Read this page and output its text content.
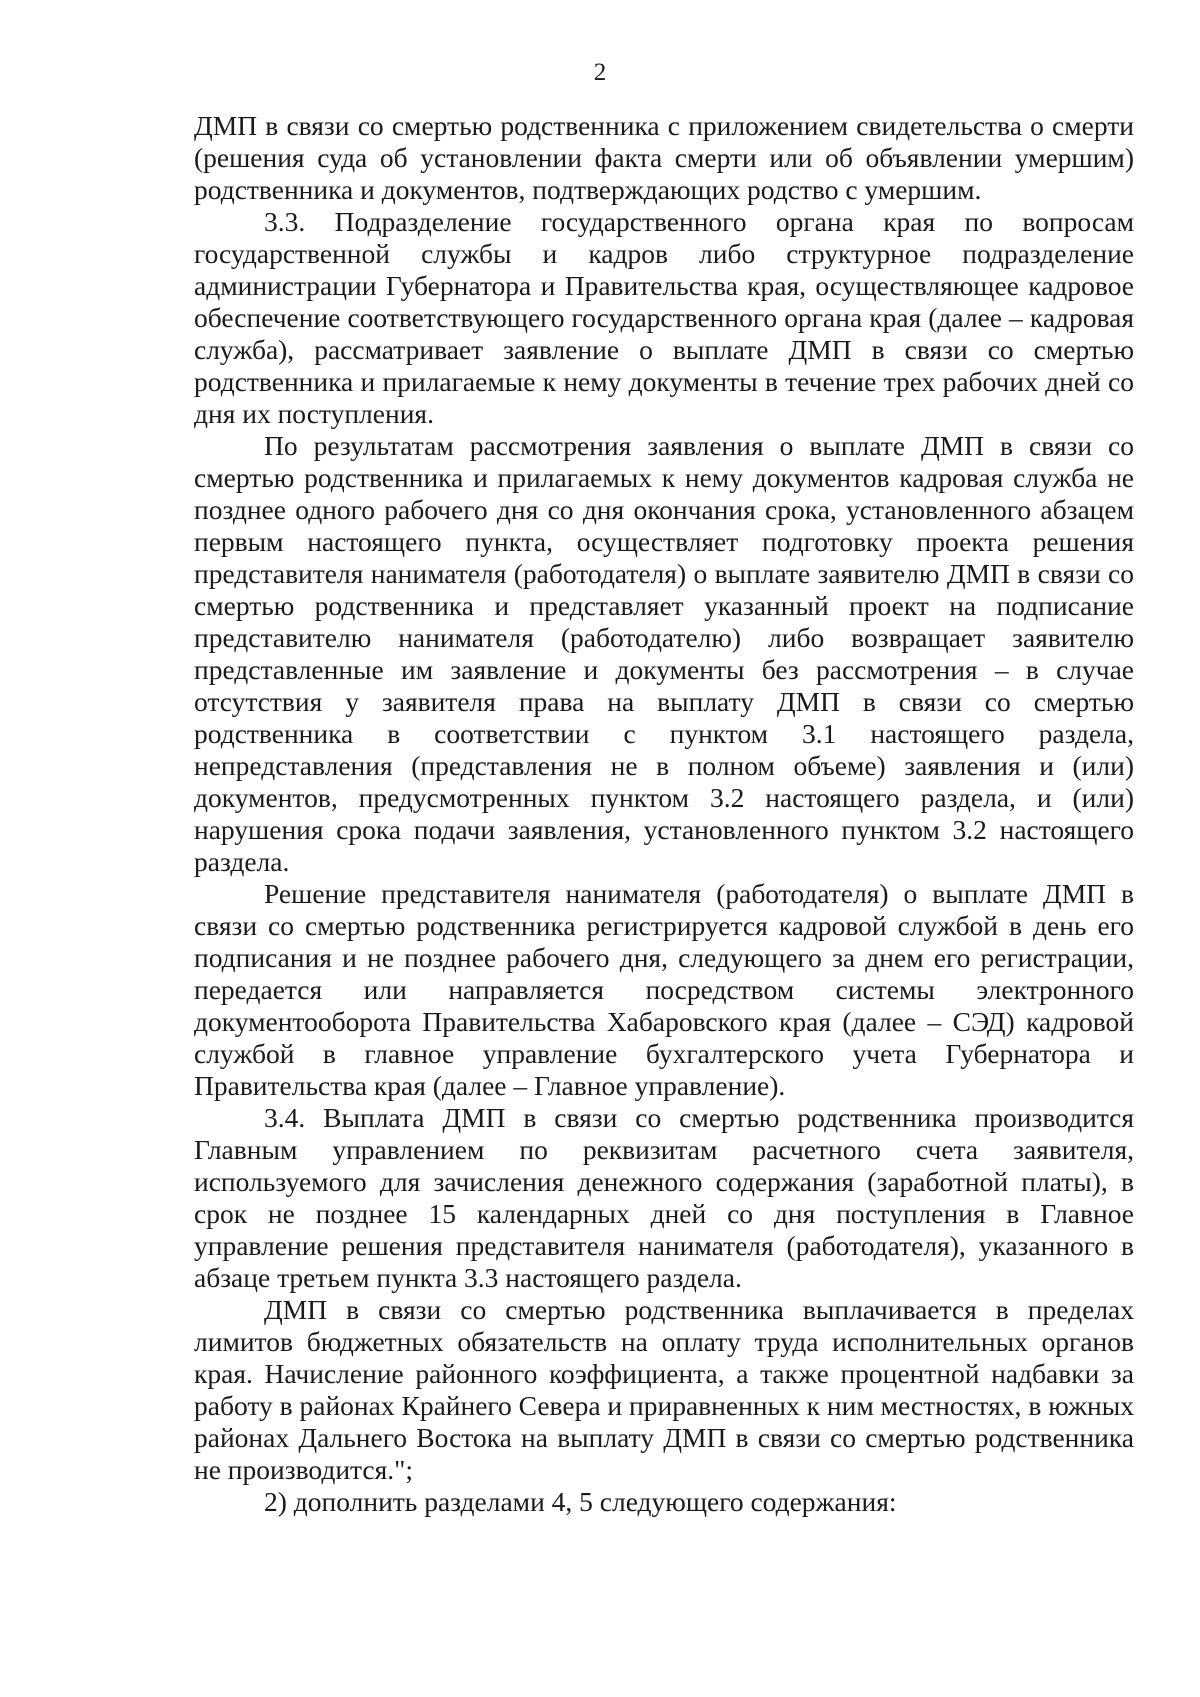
2

ДМП в связи со смертью родственника с приложением свидетельства о смерти (решения суда об установлении факта смерти или об объявлении умершим) родственника и документов, подтверждающих родство с умершим.

3.3. Подразделение государственного органа края по вопросам государственной службы и кадров либо структурное подразделение администрации Губернатора и Правительства края, осуществляющее кадровое обеспечение соответствующего государственного органа края (далее – кадровая служба), рассматривает заявление о выплате ДМП в связи со смертью родственника и прилагаемые к нему документы в течение трех рабочих дней со дня их поступления.

По результатам рассмотрения заявления о выплате ДМП в связи со смертью родственника и прилагаемых к нему документов кадровая служба не позднее одного рабочего дня со дня окончания срока, установленного абзацем первым настоящего пункта, осуществляет подготовку проекта решения представителя нанимателя (работодателя) о выплате заявителю ДМП в связи со смертью родственника и представляет указанный проект на подписание представителю нанимателя (работодателю) либо возвращает заявителю представленные им заявление и документы без рассмотрения – в случае отсутствия у заявителя права на выплату ДМП в связи со смертью родственника в соответствии с пунктом 3.1 настоящего раздела, непредставления (представления не в полном объеме) заявления и (или) документов, предусмотренных пунктом 3.2 настоящего раздела, и (или) нарушения срока подачи заявления, установленного пунктом 3.2 настоящего раздела.

Решение представителя нанимателя (работодателя) о выплате ДМП в связи со смертью родственника регистрируется кадровой службой в день его подписания и не позднее рабочего дня, следующего за днем его регистрации, передается или направляется посредством системы электронного документооборота Правительства Хабаровского края (далее – СЭД) кадровой службой в главное управление бухгалтерского учета Губернатора и Правительства края (далее – Главное управление).

3.4. Выплата ДМП в связи со смертью родственника производится Главным управлением по реквизитам расчетного счета заявителя, используемого для зачисления денежного содержания (заработной платы), в срок не позднее 15 календарных дней со дня поступления в Главное управление решения представителя нанимателя (работодателя), указанного в абзаце третьем пункта 3.3 настоящего раздела.

ДМП в связи со смертью родственника выплачивается в пределах лимитов бюджетных обязательств на оплату труда исполнительных органов края. Начисление районного коэффициента, а также процентной надбавки за работу в районах Крайнего Севера и приравненных к ним местностях, в южных районах Дальнего Востока на выплату ДМП в связи со смертью родственника не производится.";

2) дополнить разделами 4, 5 следующего содержания:
